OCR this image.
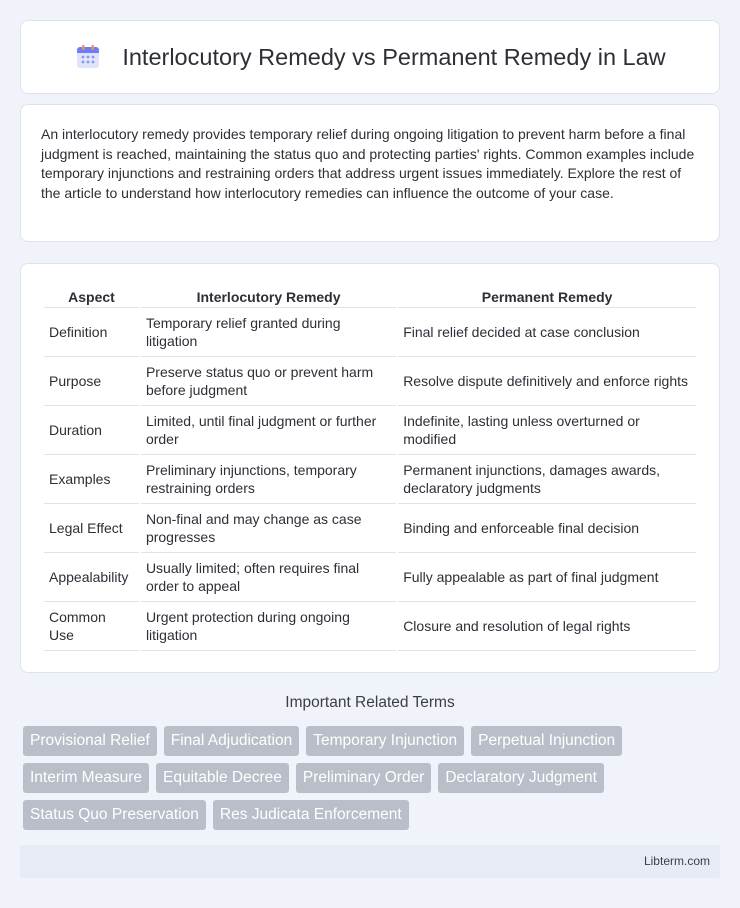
Interlocutory Remedy vs Permanent Remedy in Law

An interlocutory remedy provides temporary relief during ongoing litigation to prevent harm before a final judgment is reached, maintaining the status quo and protecting parties' rights. Common examples include temporary injunctions and restraining orders that address urgent issues immediately. Explore the rest of the article to understand how interlocutory remedies can influence the outcome of your case.

Aspect	Interlocutory Remedy	Permanent Remedy
Definition	Temporary relief granted during litigation	Final relief decided at case conclusion
Purpose	Preserve status quo or prevent harm before judgment	Resolve dispute definitively and enforce rights
Duration	Limited, until final judgment or further order	Indefinite, lasting unless overturned or modified
Examples	Preliminary injunctions, temporary restraining orders	Permanent injunctions, damages awards, declaratory judgments
Legal Effect	Non-final and may change as case progresses	Binding and enforceable final decision
Appealability	Usually limited; often requires final order to appeal	Fully appealable as part of final judgment
Common Use	Urgent protection during ongoing litigation	Closure and resolution of legal rights
Important Related Terms
Provisional Relief	Final Adjudication	Temporary Injunction	Perpetual Injunction
Interim Measure	Equitable Decree	Preliminary Order	Declaratory Judgment
Status Quo Preservation	Res Judicata Enforcement
Libterm.com
